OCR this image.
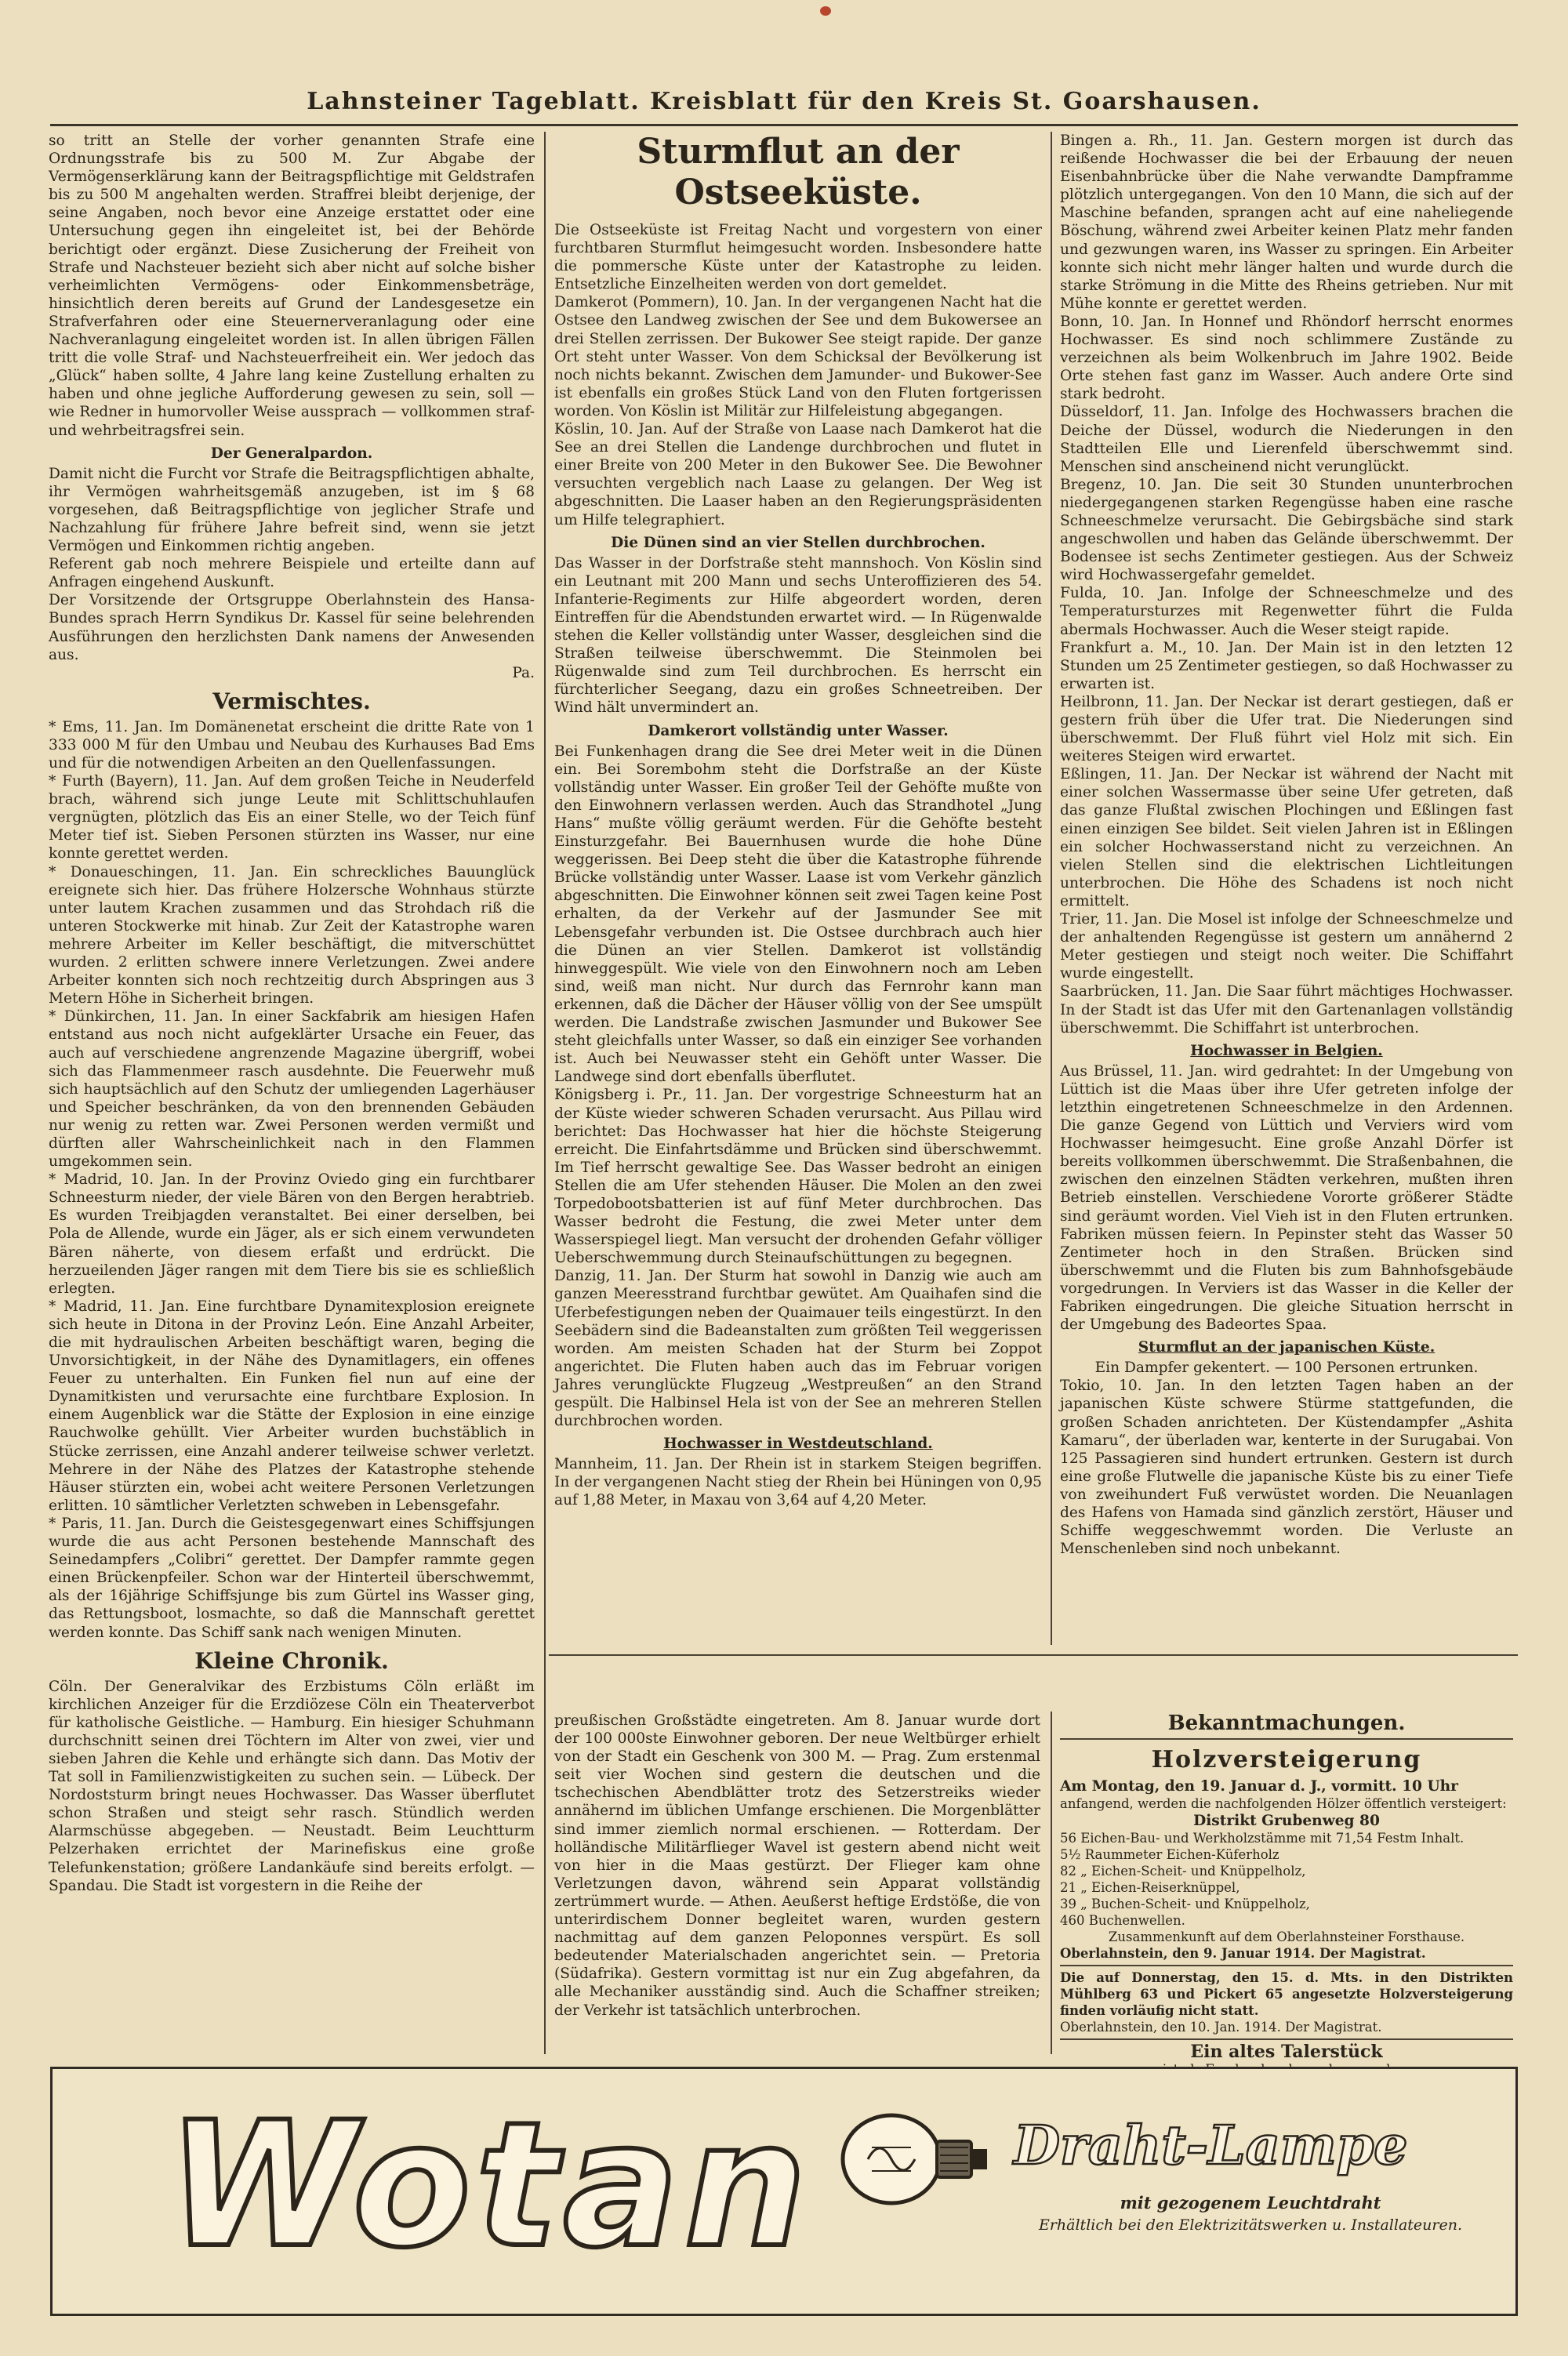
Lahnsteiner Tageblatt. Kreisblatt für den Kreis St. Goarshausen.

so tritt an Stelle der vorher genannten Strafe eine Ordnungsstrafe bis zu 500 M. Zur Abgabe der Vermögenserklärung kann der Beitragspflichtige mit Geldstrafen bis zu 500 M angehalten werden. Straffrei bleibt derjenige, der seine Angaben, noch bevor eine Anzeige erstattet oder eine Untersuchung gegen ihn eingeleitet ist, bei der Behörde berichtigt oder ergänzt. Diese Zusicherung der Freiheit von Strafe und Nachsteuer bezieht sich aber nicht auf solche bisher verheimlichten Vermögens- oder Einkommensbeträge, hinsichtlich deren bereits auf Grund der Landesgesetze ein Strafverfahren oder eine Steuernerveranlagung oder eine Nachveranlagung eingeleitet worden ist. In allen übrigen Fällen tritt die volle Straf- und Nachsteuerfreiheit ein. Wer jedoch das „Glück“ haben sollte, 4 Jahre lang keine Zustellung erhalten zu haben und ohne jegliche Aufforderung gewesen zu sein, soll — wie Redner in humorvoller Weise aussprach — vollkommen straf- und wehrbeitragsfrei sein.

Der Generalpardon.

Damit nicht die Furcht vor Strafe die Beitragspflichtigen abhalte, ihr Vermögen wahrheitsgemäß anzugeben, ist im § 68 vorgesehen, daß Beitragspflichtige von jeglicher Strafe und Nachzahlung für frühere Jahre befreit sind, wenn sie jetzt Vermögen und Einkommen richtig angeben.

Referent gab noch mehrere Beispiele und erteilte dann auf Anfragen eingehend Auskunft.

Der Vorsitzende der Ortsgruppe Oberlahnstein des Hansa-Bundes sprach Herrn Syndikus Dr. Kassel für seine belehrenden Ausführungen den herzlichsten Dank namens der Anwesenden aus.

Pa.

Vermischtes.

* Ems, 11. Jan. Im Domänenetat erscheint die dritte Rate von 1 333 000 M für den Umbau und Neubau des Kurhauses Bad Ems und für die notwendigen Arbeiten an den Quellenfassungen.

* Furth (Bayern), 11. Jan. Auf dem großen Teiche in Neuderfeld brach, während sich junge Leute mit Schlittschuhlaufen vergnügten, plötzlich das Eis an einer Stelle, wo der Teich fünf Meter tief ist. Sieben Personen stürzten ins Wasser, nur eine konnte gerettet werden.

* Donaueschingen, 11. Jan. Ein schreckliches Bauunglück ereignete sich hier. Das frühere Holzersche Wohnhaus stürzte unter lautem Krachen zusammen und das Strohdach riß die unteren Stockwerke mit hinab. Zur Zeit der Katastrophe waren mehrere Arbeiter im Keller beschäftigt, die mitverschüttet wurden. 2 erlitten schwere innere Verletzungen. Zwei andere Arbeiter konnten sich noch rechtzeitig durch Abspringen aus 3 Metern Höhe in Sicherheit bringen.

* Dünkirchen, 11. Jan. In einer Sackfabrik am hiesigen Hafen entstand aus noch nicht aufgeklärter Ursache ein Feuer, das auch auf verschiedene angrenzende Magazine übergriff, wobei sich das Flammenmeer rasch ausdehnte. Die Feuerwehr muß sich hauptsächlich auf den Schutz der umliegenden Lagerhäuser und Speicher beschränken, da von den brennenden Gebäuden nur wenig zu retten war. Zwei Personen werden vermißt und dürften aller Wahrscheinlichkeit nach in den Flammen umgekommen sein.

* Madrid, 10. Jan. In der Provinz Oviedo ging ein furchtbarer Schneesturm nieder, der viele Bären von den Bergen herabtrieb. Es wurden Treibjagden veranstaltet. Bei einer derselben, bei Pola de Allende, wurde ein Jäger, als er sich einem verwundeten Bären näherte, von diesem erfaßt und erdrückt. Die herzueilenden Jäger rangen mit dem Tiere bis sie es schließlich erlegten.

* Madrid, 11. Jan. Eine furchtbare Dynamitexplosion ereignete sich heute in Ditona in der Provinz León. Eine Anzahl Arbeiter, die mit hydraulischen Arbeiten beschäftigt waren, beging die Unvorsichtigkeit, in der Nähe des Dynamitlagers, ein offenes Feuer zu unterhalten. Ein Funken fiel nun auf eine der Dynamitkisten und verursachte eine furchtbare Explosion. In einem Augenblick war die Stätte der Explosion in eine einzige Rauchwolke gehüllt. Vier Arbeiter wurden buchstäblich in Stücke zerrissen, eine Anzahl anderer teilweise schwer verletzt. Mehrere in der Nähe des Platzes der Katastrophe stehende Häuser stürzten ein, wobei acht weitere Personen Verletzungen erlitten. 10 sämtlicher Verletzten schweben in Lebensgefahr.

* Paris, 11. Jan. Durch die Geistesgegenwart eines Schiffsjungen wurde die aus acht Personen bestehende Mannschaft des Seinedampfers „Colibri“ gerettet. Der Dampfer rammte gegen einen Brückenpfeiler. Schon war der Hinterteil überschwemmt, als der 16jährige Schiffsjunge bis zum Gürtel ins Wasser ging, das Rettungsboot, losmachte, so daß die Mannschaft gerettet werden konnte. Das Schiff sank nach wenigen Minuten.

Kleine Chronik.

Cöln. Der Generalvikar des Erzbistums Cöln erläßt im kirchlichen Anzeiger für die Erzdiözese Cöln ein Theaterverbot für katholische Geistliche. — Hamburg. Ein hiesiger Schuhmann durchschnitt seinen drei Töchtern im Alter von zwei, vier und sieben Jahren die Kehle und erhängte sich dann. Das Motiv der Tat soll in Familienzwistigkeiten zu suchen sein. — Lübeck. Der Nordoststurm bringt neues Hochwasser. Das Wasser überflutet schon Straßen und steigt sehr rasch. Stündlich werden Alarmschüsse abgegeben. — Neustadt. Beim Leuchtturm Pelzerhaken errichtet der Marinefiskus eine große Telefunkenstation; größere Landankäufe sind bereits erfolgt. — Spandau. Die Stadt ist vorgestern in die Reihe der

Sturmflut an der Ostseeküste.

Die Ostseeküste ist Freitag Nacht und vorgestern von einer furchtbaren Sturmflut heimgesucht worden. Insbesondere hatte die pommersche Küste unter der Katastrophe zu leiden. Entsetzliche Einzelheiten werden von dort gemeldet.

Damkerot (Pommern), 10. Jan. In der vergangenen Nacht hat die Ostsee den Landweg zwischen der See und dem Bukowersee an drei Stellen zerrissen. Der Bukower See steigt rapide. Der ganze Ort steht unter Wasser. Von dem Schicksal der Bevölkerung ist noch nichts bekannt. Zwischen dem Jamunder- und Bukower-See ist ebenfalls ein großes Stück Land von den Fluten fortgerissen worden. Von Köslin ist Militär zur Hilfeleistung abgegangen.

Köslin, 10. Jan. Auf der Straße von Laase nach Damkerot hat die See an drei Stellen die Landenge durchbrochen und flutet in einer Breite von 200 Meter in den Bukower See. Die Bewohner versuchten vergeblich nach Laase zu gelangen. Der Weg ist abgeschnitten. Die Laaser haben an den Regierungspräsidenten um Hilfe telegraphiert.

Die Dünen sind an vier Stellen durchbrochen.

Das Wasser in der Dorfstraße steht mannshoch. Von Köslin sind ein Leutnant mit 200 Mann und sechs Unteroffizieren des 54. Infanterie-Regiments zur Hilfe abgeordert worden, deren Eintreffen für die Abendstunden erwartet wird. — In Rügenwalde stehen die Keller vollständig unter Wasser, desgleichen sind die Straßen teilweise überschwemmt. Die Steinmolen bei Rügenwalde sind zum Teil durchbrochen. Es herrscht ein fürchterlicher Seegang, dazu ein großes Schneetreiben. Der Wind hält unvermindert an.

Damkerort vollständig unter Wasser.

Bei Funkenhagen drang die See drei Meter weit in die Dünen ein. Bei Sorembohm steht die Dorfstraße an der Küste vollständig unter Wasser. Ein großer Teil der Gehöfte mußte von den Einwohnern verlassen werden. Auch das Strandhotel „Jung Hans“ mußte völlig geräumt werden. Für die Gehöfte besteht Einsturzgefahr. Bei Bauernhusen wurde die hohe Düne weggerissen. Bei Deep steht die über die Katastrophe führende Brücke vollständig unter Wasser. Laase ist vom Verkehr gänzlich abgeschnitten. Die Einwohner können seit zwei Tagen keine Post erhalten, da der Verkehr auf der Jasmunder See mit Lebensgefahr verbunden ist. Die Ostsee durchbrach auch hier die Dünen an vier Stellen. Damkerot ist vollständig hinweggespült. Wie viele von den Einwohnern noch am Leben sind, weiß man nicht. Nur durch das Fernrohr kann man erkennen, daß die Dächer der Häuser völlig von der See umspült werden. Die Landstraße zwischen Jasmunder und Bukower See steht gleichfalls unter Wasser, so daß ein einziger See vorhanden ist. Auch bei Neuwasser steht ein Gehöft unter Wasser. Die Landwege sind dort ebenfalls überflutet.

Königsberg i. Pr., 11. Jan. Der vorgestrige Schneesturm hat an der Küste wieder schweren Schaden verursacht. Aus Pillau wird berichtet: Das Hochwasser hat hier die höchste Steigerung erreicht. Die Einfahrtsdämme und Brücken sind überschwemmt. Im Tief herrscht gewaltige See. Das Wasser bedroht an einigen Stellen die am Ufer stehenden Häuser. Die Molen an den zwei Torpedobootsbatterien ist auf fünf Meter durchbrochen. Das Wasser bedroht die Festung, die zwei Meter unter dem Wasserspiegel liegt. Man versucht der drohenden Gefahr völliger Ueberschwemmung durch Steinaufschüttungen zu begegnen.

Danzig, 11. Jan. Der Sturm hat sowohl in Danzig wie auch am ganzen Meeresstrand furchtbar gewütet. Am Quaihafen sind die Uferbefestigungen neben der Quaimauer teils eingestürzt. In den Seebädern sind die Badeanstalten zum größten Teil weggerissen worden. Am meisten Schaden hat der Sturm bei Zoppot angerichtet. Die Fluten haben auch das im Februar vorigen Jahres verunglückte Flugzeug „Westpreußen“ an den Strand gespült. Die Halbinsel Hela ist von der See an mehreren Stellen durchbrochen worden.

Hochwasser in Westdeutschland.

Mannheim, 11. Jan. Der Rhein ist in starkem Steigen begriffen. In der vergangenen Nacht stieg der Rhein bei Hüningen von 0,95 auf 1,88 Meter, in Maxau von 3,64 auf 4,20 Meter.

Bingen a. Rh., 11. Jan. Gestern morgen ist durch das reißende Hochwasser die bei der Erbauung der neuen Eisenbahnbrücke über die Nahe verwandte Dampframme plötzlich untergegangen. Von den 10 Mann, die sich auf der Maschine befanden, sprangen acht auf eine naheliegende Böschung, während zwei Arbeiter keinen Platz mehr fanden und gezwungen waren, ins Wasser zu springen. Ein Arbeiter konnte sich nicht mehr länger halten und wurde durch die starke Strömung in die Mitte des Rheins getrieben. Nur mit Mühe konnte er gerettet werden.

Bonn, 10. Jan. In Honnef und Rhöndorf herrscht enormes Hochwasser. Es sind noch schlimmere Zustände zu verzeichnen als beim Wolkenbruch im Jahre 1902. Beide Orte stehen fast ganz im Wasser. Auch andere Orte sind stark bedroht.

Düsseldorf, 11. Jan. Infolge des Hochwassers brachen die Deiche der Düssel, wodurch die Niederungen in den Stadtteilen Elle und Lierenfeld überschwemmt sind. Menschen sind anscheinend nicht verunglückt.

Bregenz, 10. Jan. Die seit 30 Stunden ununterbrochen niedergegangenen starken Regengüsse haben eine rasche Schneeschmelze verursacht. Die Gebirgsbäche sind stark angeschwollen und haben das Gelände überschwemmt. Der Bodensee ist sechs Zentimeter gestiegen. Aus der Schweiz wird Hochwassergefahr gemeldet.

Fulda, 10. Jan. Infolge der Schneeschmelze und des Temperatursturzes mit Regenwetter führt die Fulda abermals Hochwasser. Auch die Weser steigt rapide.

Frankfurt a. M., 10. Jan. Der Main ist in den letzten 12 Stunden um 25 Zentimeter gestiegen, so daß Hochwasser zu erwarten ist.

Heilbronn, 11. Jan. Der Neckar ist derart gestiegen, daß er gestern früh über die Ufer trat. Die Niederungen sind überschwemmt. Der Fluß führt viel Holz mit sich. Ein weiteres Steigen wird erwartet.

Eßlingen, 11. Jan. Der Neckar ist während der Nacht mit einer solchen Wassermasse über seine Ufer getreten, daß das ganze Flußtal zwischen Plochingen und Eßlingen fast einen einzigen See bildet. Seit vielen Jahren ist in Eßlingen ein solcher Hochwasserstand nicht zu verzeichnen. An vielen Stellen sind die elektrischen Lichtleitungen unterbrochen. Die Höhe des Schadens ist noch nicht ermittelt.

Trier, 11. Jan. Die Mosel ist infolge der Schneeschmelze und der anhaltenden Regengüsse ist gestern um annähernd 2 Meter gestiegen und steigt noch weiter. Die Schiffahrt wurde eingestellt.

Saarbrücken, 11. Jan. Die Saar führt mächtiges Hochwasser. In der Stadt ist das Ufer mit den Gartenanlagen vollständig überschwemmt. Die Schiffahrt ist unterbrochen.

Hochwasser in Belgien.

Aus Brüssel, 11. Jan. wird gedrahtet: In der Umgebung von Lüttich ist die Maas über ihre Ufer getreten infolge der letzthin eingetretenen Schneeschmelze in den Ardennen. Die ganze Gegend von Lüttich und Verviers wird vom Hochwasser heimgesucht. Eine große Anzahl Dörfer ist bereits vollkommen überschwemmt. Die Straßenbahnen, die zwischen den einzelnen Städten verkehren, mußten ihren Betrieb einstellen. Verschiedene Vororte größerer Städte sind geräumt worden. Viel Vieh ist in den Fluten ertrunken. Fabriken müssen feiern. In Pepinster steht das Wasser 50 Zentimeter hoch in den Straßen. Brücken sind überschwemmt und die Fluten bis zum Bahnhofsgebäude vorgedrungen. In Verviers ist das Wasser in die Keller der Fabriken eingedrungen. Die gleiche Situation herrscht in der Umgebung des Badeortes Spaa.

Sturmflut an der japanischen Küste.

Ein Dampfer gekentert. — 100 Personen ertrunken.

Tokio, 10. Jan. In den letzten Tagen haben an der japanischen Küste schwere Stürme stattgefunden, die großen Schaden anrichteten. Der Küstendampfer „Ashita Kamaru“, der überladen war, kenterte in der Surugabai. Von 125 Passagieren sind hundert ertrunken. Gestern ist durch eine große Flutwelle die japanische Küste bis zu einer Tiefe von zweihundert Fuß verwüstet worden. Die Neuanlagen des Hafens von Hamada sind gänzlich zerstört, Häuser und Schiffe weggeschwemmt worden. Die Verluste an Menschenleben sind noch unbekannt.

preußischen Großstädte eingetreten. Am 8. Januar wurde dort der 100 000ste Einwohner geboren. Der neue Weltbürger erhielt von der Stadt ein Geschenk von 300 M. — Prag. Zum erstenmal seit vier Wochen sind gestern die deutschen und die tschechischen Abendblätter trotz des Setzerstreiks wieder annähernd im üblichen Umfange erschienen. Die Morgenblätter sind immer ziemlich normal erschienen. — Rotterdam. Der holländische Militärflieger Wavel ist gestern abend nicht weit von hier in die Maas gestürzt. Der Flieger kam ohne Verletzungen davon, während sein Apparat vollständig zertrümmert wurde. — Athen. Aeußerst heftige Erdstöße, die von unterirdischem Donner begleitet waren, wurden gestern nachmittag auf dem ganzen Peloponnes verspürt. Es soll bedeutender Materialschaden angerichtet sein. — Pretoria (Südafrika). Gestern vormittag ist nur ein Zug abgefahren, da alle Mechaniker ausständig sind. Auch die Schaffner streiken; der Verkehr ist tatsächlich unterbrochen.

Bekanntmachungen.

Holzversteigerung

Am Montag, den 19. Januar d. J., vormitt. 10 Uhr

anfangend, werden die nachfolgenden Hölzer öffentlich versteigert:

Distrikt Grubenweg 80

56 Eichen-Bau- und Werkholzstämme mit 71,54 Festm Inhalt.

5½ Raummeter Eichen-Küferholz

82 „ Eichen-Scheit- und Knüppelholz,

21 „ Eichen-Reiserknüppel,

39 „ Buchen-Scheit- und Knüppelholz,

460 Buchenwellen.

Zusammenkunft auf dem Oberlahnsteiner Forsthause.

Oberlahnstein, den 9. Januar 1914. Der Magistrat.

Die auf Donnerstag, den 15. d. Mts. in den Distrikten Mühlberg 63 und Pickert 65 angesetzte Holzversteigerung finden vorläufig nicht statt.

Oberlahnstein, den 10. Jan. 1914. Der Magistrat.

Ein altes Talerstück

Wotan	Draht-Lampe
mit gezogenem Leuchtdraht
Erhältlich bei den Elektrizitätswerken u. Installateuren.
